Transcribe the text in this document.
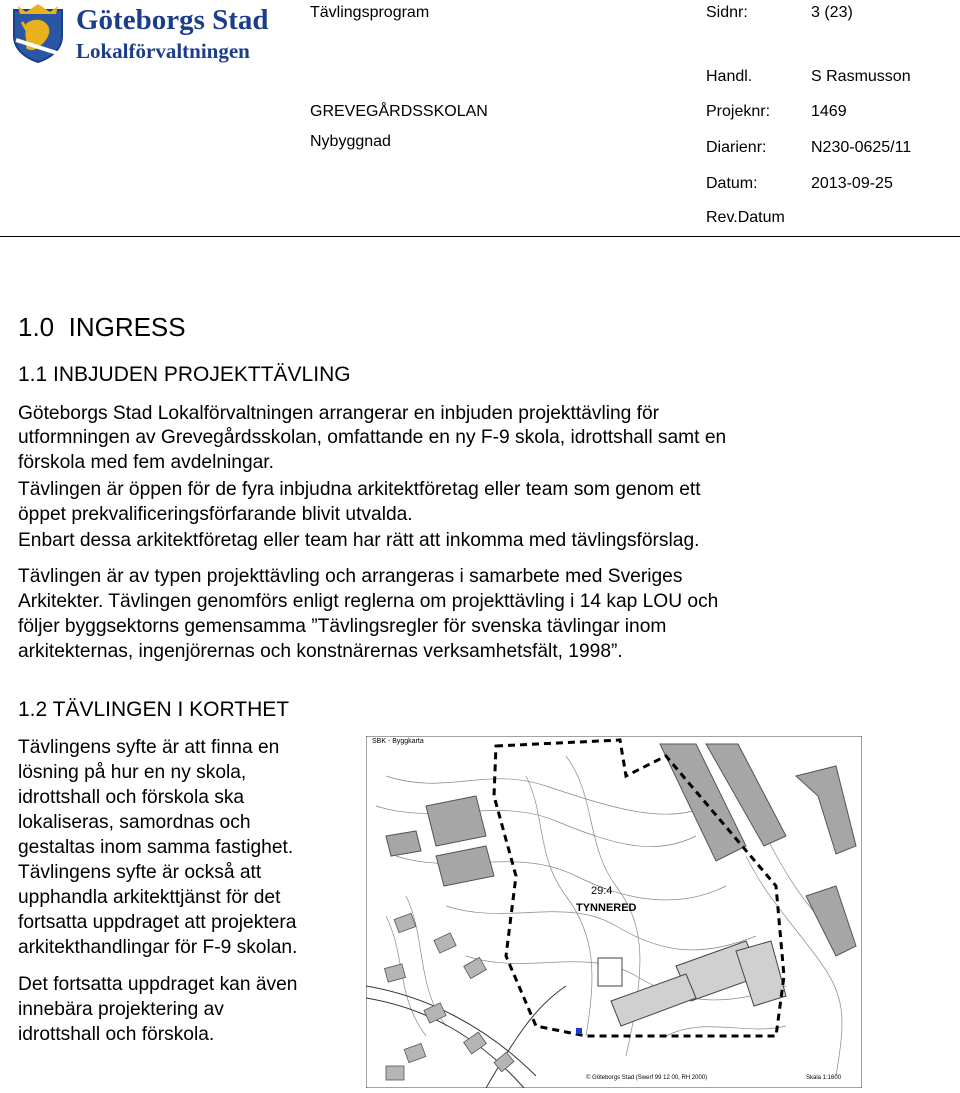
Göteborgs Stad
Lokalförvaltningen
Tävlingsprogram
GREVEGÅRDSSKOLAN
Nybyggnad
Sidnr:	3 (23)
Handl.	S Rasmusson
Projeknr:	1469
Diarienr:	N230-0625/11
Datum:	2013-09-25
Rev.Datum
1.0  INGRESS
1.1 INBJUDEN PROJEKTTÄVLING
Göteborgs Stad Lokalförvaltningen arrangerar en inbjuden projekttävling för
utformningen av Grevegårdsskolan, omfattande en ny F-9 skola, idrottshall samt en
förskola med fem avdelningar.
Tävlingen är öppen för de fyra inbjudna arkitektföretag eller team som genom ett
öppet prekvalificeringsförfarande blivit utvalda.
Enbart dessa arkitektföretag eller team har rätt att inkomma med tävlingsförslag.
Tävlingen är av typen projekttävling och arrangeras i samarbete med Sveriges
Arkitekter. Tävlingen genomförs enligt reglerna om projekttävling i 14 kap LOU och
följer byggsektorns gemensamma ”Tävlingsregler för svenska tävlingar inom
arkitekternas, ingenjörernas och konstnärernas verksamhetsfält, 1998”.
1.2 TÄVLINGEN I KORTHET
Tävlingens syfte är att finna en
lösning på hur en ny skola,
idrottshall och förskola ska
lokaliseras, samordnas och
gestaltas inom samma fastighet.
Tävlingens syfte är också att
upphandla arkitekttjänst för det
fortsatta uppdraget att projektera
arkitekthandlingar för F-9 skolan.
Det fortsatta uppdraget kan även
innebära projektering av
idrottshall och förskola.
SBK - Byggkarta
29:4
TYNNERED
© Göteborgs Stad (Swerf 99 12 00, RH 2000)	Skala 1:1600
